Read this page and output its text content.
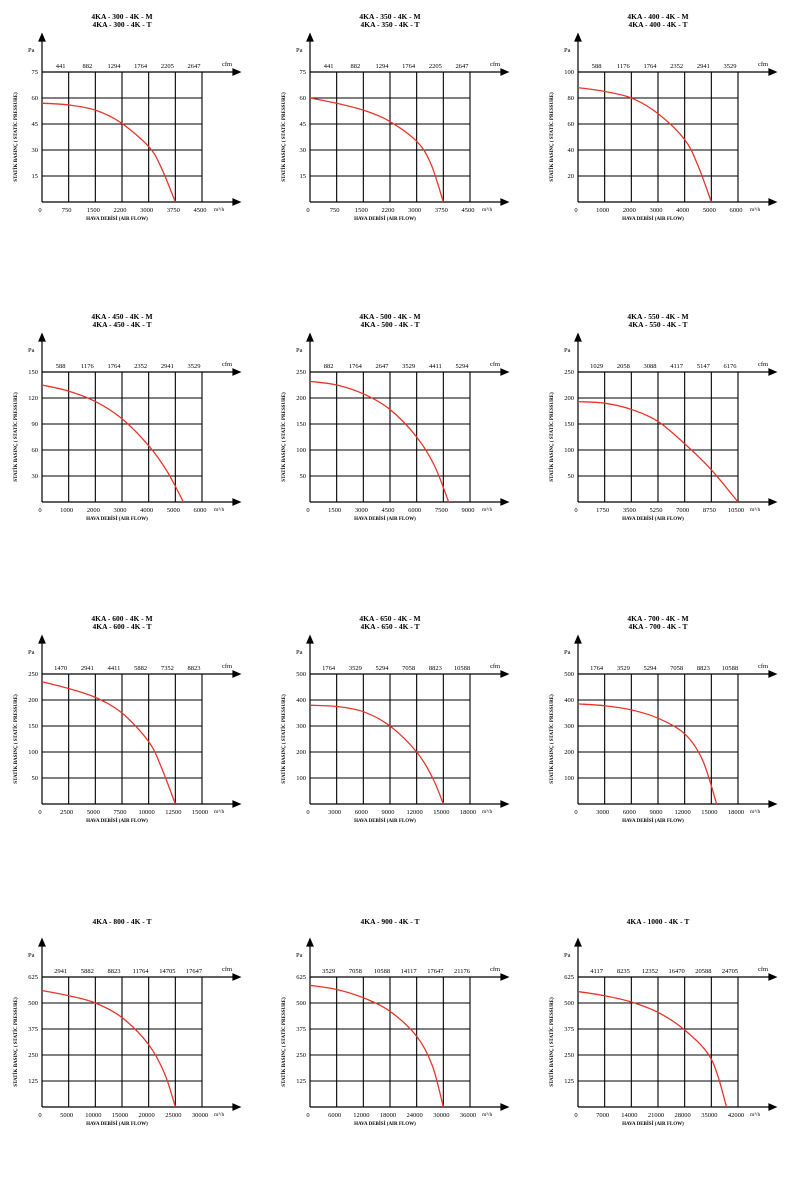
4KA - 300 - 4K - M
4KA - 300 - 4K - T
Pa
cfm
m³/h
0
15
30
45
60
75
750 1500 2200 3000 3750 4500
441	882 1294 1764 2205 2647
HAVA DEBİSİ (AIR FLOW)
STATİK BASINÇ ( STATİC PRESSURE)
4KA - 350 - 4K - M
4KA - 350 - 4K - T
Pa
cfm
m³/h
0
15
30
45
60
75
750 1500 2200 3000 3750 4500
441	882 1294 1764 2205 2647
HAVA DEBİSİ (AIR FLOW)
STATİK BASINÇ ( STATİC PRESSURE)
4KA - 400 - 4K - M
4KA - 400 - 4K - T
Pa
cfm
m³/h
0
20
40
60
80
100
1000 2000 3000 4000 5000 6000
588 1176 1764 2352 2941 3529
HAVA DEBİSİ (AIR FLOW)
STATİK BASINÇ ( STATİC PRESSURE)
4KA - 450 - 4K - M
4KA - 450 - 4K - T
Pa
cfm
m³/h
0
30
60
90
120
150
1000 2000 3000 4000 5000 6000
588 1176 1764 2352 2941 3529
HAVA DEBİSİ (AIR FLOW)
STATİK BASINÇ ( STATİC PRESSURE)
4KA - 500 - 4K - M
4KA - 500 - 4K - T
Pa
cfm
m³/h
0
50
100
150
200
250
1500 3000 4500 6000 7500 9000
882 1764 2647 3529 4411 5294
HAVA DEBİSİ (AIR FLOW)
STATİK BASINÇ ( STATİC PRESSURE)
4KA - 550 - 4K - M
4KA - 550 - 4K - T
Pa
cfm
m³/h
0
50
100
150
200
250
1750 3500 5250 7000 8750 10500
1029 2058 3088 4117 5147 6176
HAVA DEBİSİ (AIR FLOW)
STATİK BASINÇ ( STATİC PRESSURE)
4KA - 600 - 4K - M
4KA - 600 - 4K - T
Pa
cfm
m³/h
0
50
100
150
200
250
2500 5000 7500 10000 12500 15000
1470 2941 4411 5882 7352 8823
HAVA DEBİSİ (AIR FLOW)
STATİK BASINÇ ( STATİC PRESSURE)
4KA - 650 - 4K - M
4KA - 650 - 4K - T
Pa
cfm
m³/h
0
100
200
300
400
500
3000 6000 9000 12000 15000 18000
1764 3529 5294 7058 8823 10588
HAVA DEBİSİ (AIR FLOW)
STATİK BASINÇ ( STATİC PRESSURE)
4KA - 700 - 4K - M
4KA - 700 - 4K - T
Pa
cfm
m³/h
0
100
200
300
400
500
3000 6000 9000 12000 15000 18000
1764 3529 5294 7058 8823 10588
HAVA DEBİSİ (AIR FLOW)
STATİK BASINÇ ( STATİC PRESSURE)
4KA - 800 - 4K - T
Pa
cfm
m³/h
0
125
250
375
500
625
5000 10000 15000 20000 25000 30000
2941 5882 8823 11764 14705 17647
HAVA DEBİSİ (AIR FLOW)
STATİK BASINÇ ( STATİC PRESSURE)
4KA - 900 - 4K - T
Pa
cfm
m³/h
0
125
250
375
500
625
6000 12000 18000 24000 30000 36000
3529 7058 10588 14117 17647 21176
HAVA DEBİSİ (AIR FLOW)
STATİK BASINÇ ( STATİC PRESSURE)
4KA - 1000 - 4K - T
Pa
cfm
m³/h
0
125
250
375
500
625
7000 14000 21000 28000 35000 42000
4117 8235 12352 16470 20588 24705
HAVA DEBİSİ (AIR FLOW)
STATİK BASINÇ ( STATİC PRESSURE)
